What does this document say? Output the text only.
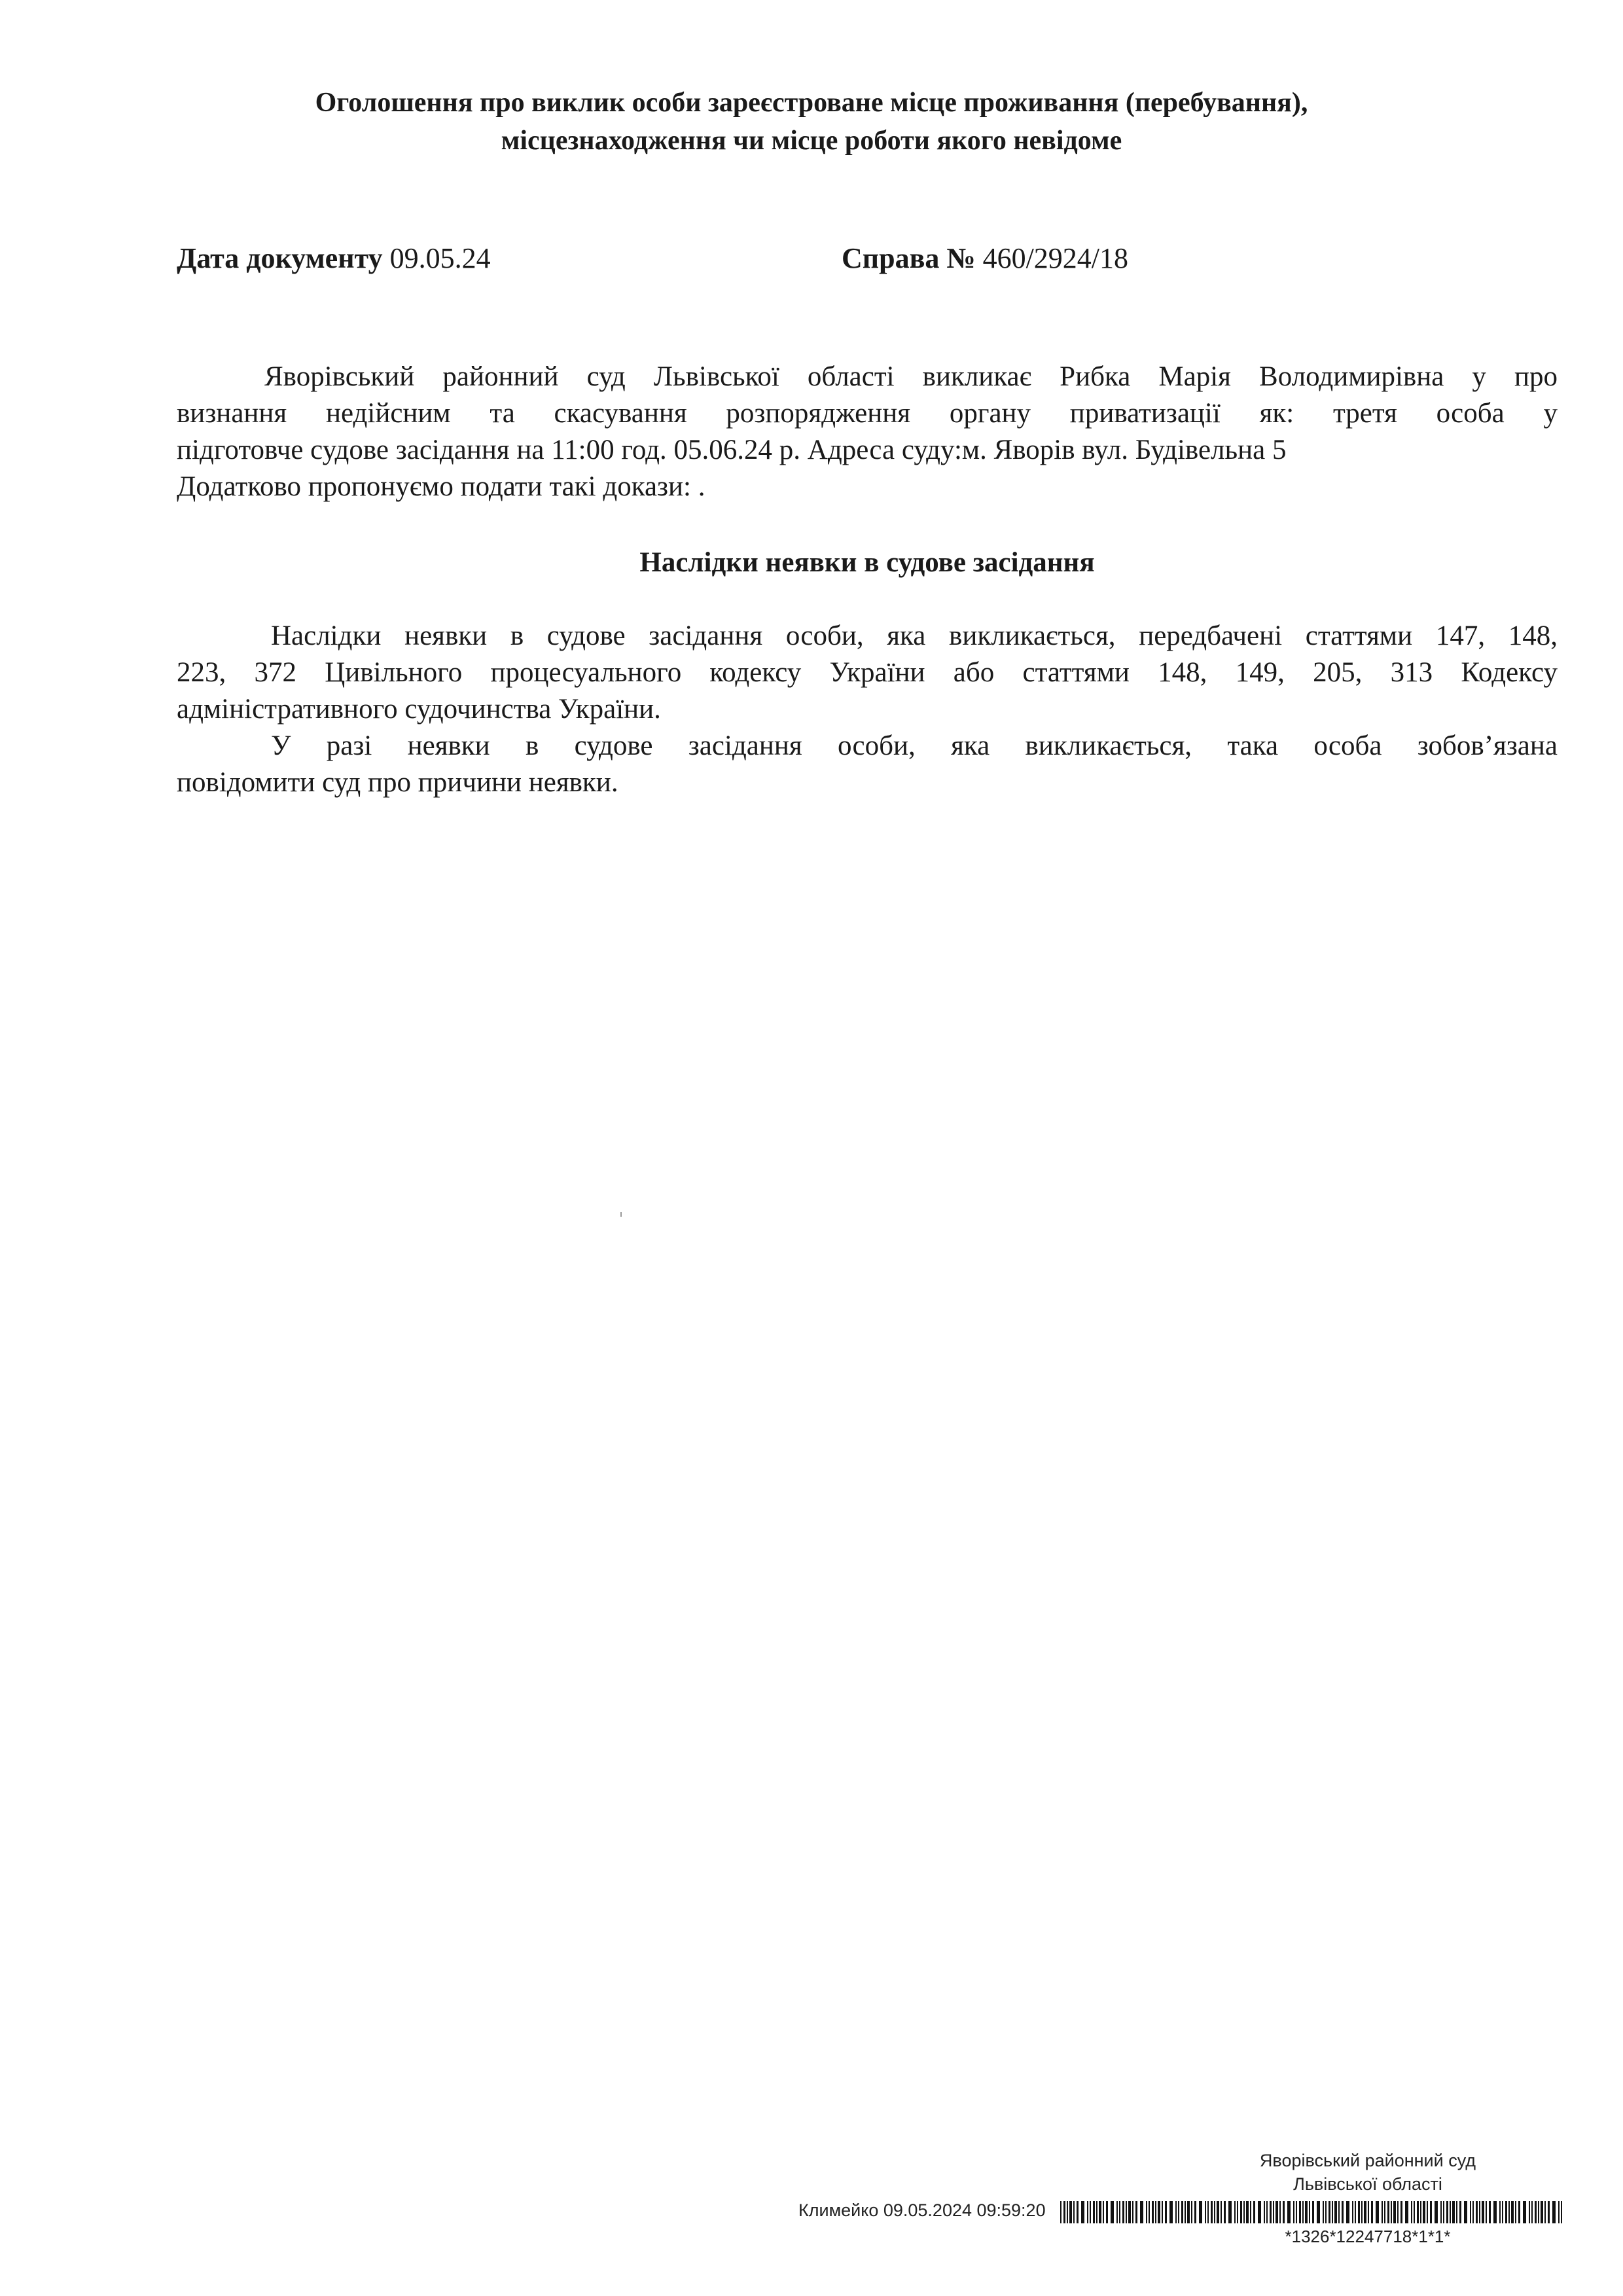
Оголошення про виклик особи зареєстроване місце проживання (перебування),
місцезнаходження чи місце роботи якого невідоме
Дата документу 09.05.24	Справа № 460/2924/18
Яворівський районний суд Львівської області викликає Рибка Марія Володимирівна у про
визнання недійсним та скасування розпорядження органу приватизації як: третя особа у
підготовче судове засідання на 11:00 год. 05.06.24 р. Адреса суду:м. Яворів вул. Будівельна 5
Додатково пропонуємо подати такі докази: .
Наслідки неявки в судове засідання
Наслідки неявки в судове засідання особи, яка викликається, передбачені статтями 147, 148,
223, 372 Цивільного процесуального кодексу України або статтями 148, 149, 205, 313 Кодексу
адміністративного судочинства України.
У разі неявки в судове засідання особи, яка викликається, така особа зобов’язана
повідомити суд про причини неявки.
Яворівський районний суд
Львівської області
Климейко 09.05.2024 09:59:20
*1326*12247718*1*1*
